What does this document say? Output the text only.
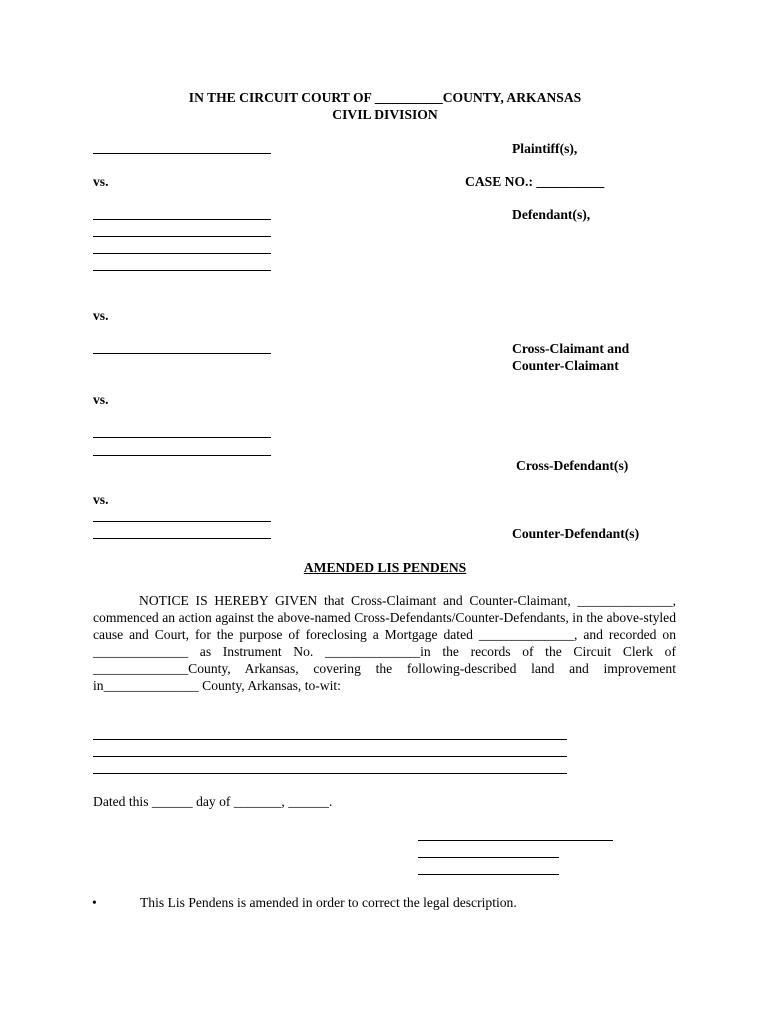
IN THE CIRCUIT COURT OF __________COUNTY, ARKANSAS
CIVIL DIVISION
Plaintiff(s),
vs.	CASE NO.: __________
Defendant(s),
vs.
Cross-Claimant and
Counter-Claimant
vs.
Cross-Defendant(s)
vs.
Counter-Defendant(s)
AMENDED LIS PENDENS
NOTICE IS HEREBY GIVEN that Cross-Claimant and Counter-Claimant, ______________, commenced an action against the above-named Cross-Defendants/Counter-Defendants, in the above-styled cause and Court, for the purpose of foreclosing a Mortgage dated ______________, and recorded on ______________ as Instrument No. ______________in the records of the Circuit Clerk of ______________County, Arkansas, covering the following-described land and improvement in______________ County, Arkansas, to-wit:
Dated this ______ day of _______, ______.
•	This Lis Pendens is amended in order to correct the legal description.
